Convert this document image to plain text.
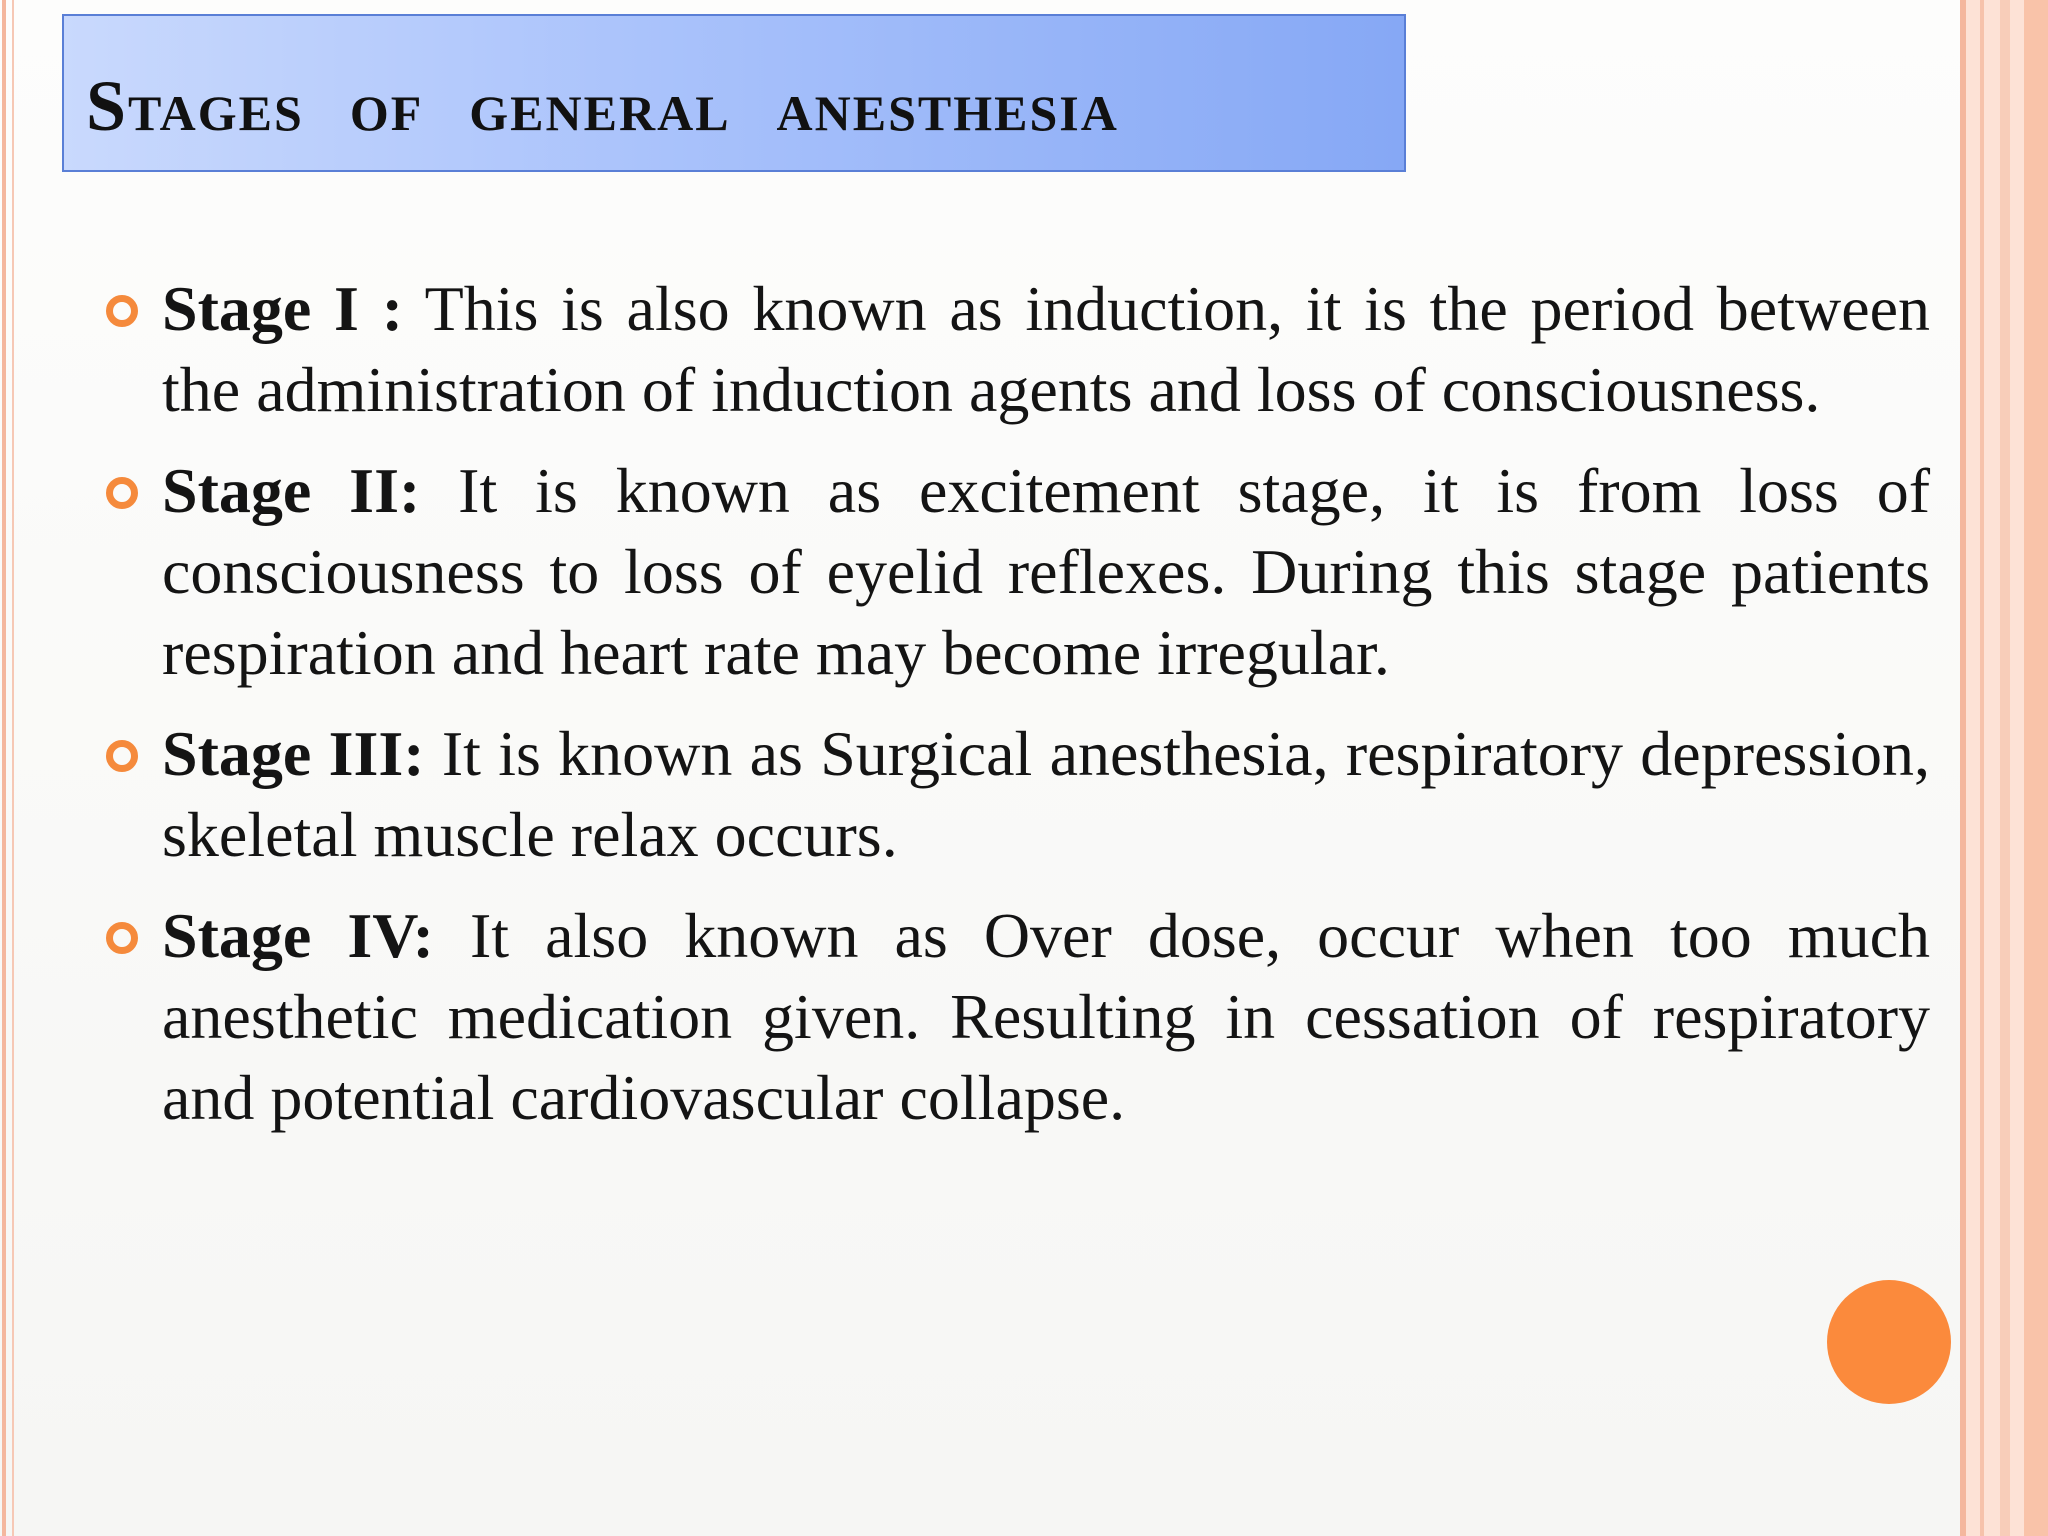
Stages of general anesthesia
Stage I : This is also known as induction, it is the period between the administration of induction agents and loss of consciousness.
Stage II: It is known as excitement stage, it is from loss of consciousness to loss of eyelid reflexes. During this stage patients respiration and heart rate may become irregular.
Stage III: It is known as Surgical anesthesia, respiratory depression, skeletal muscle relax occurs.
Stage IV: It also known as Over dose, occur when too much anesthetic medication given. Resulting in cessation of respiratory and potential cardiovascular collapse.
